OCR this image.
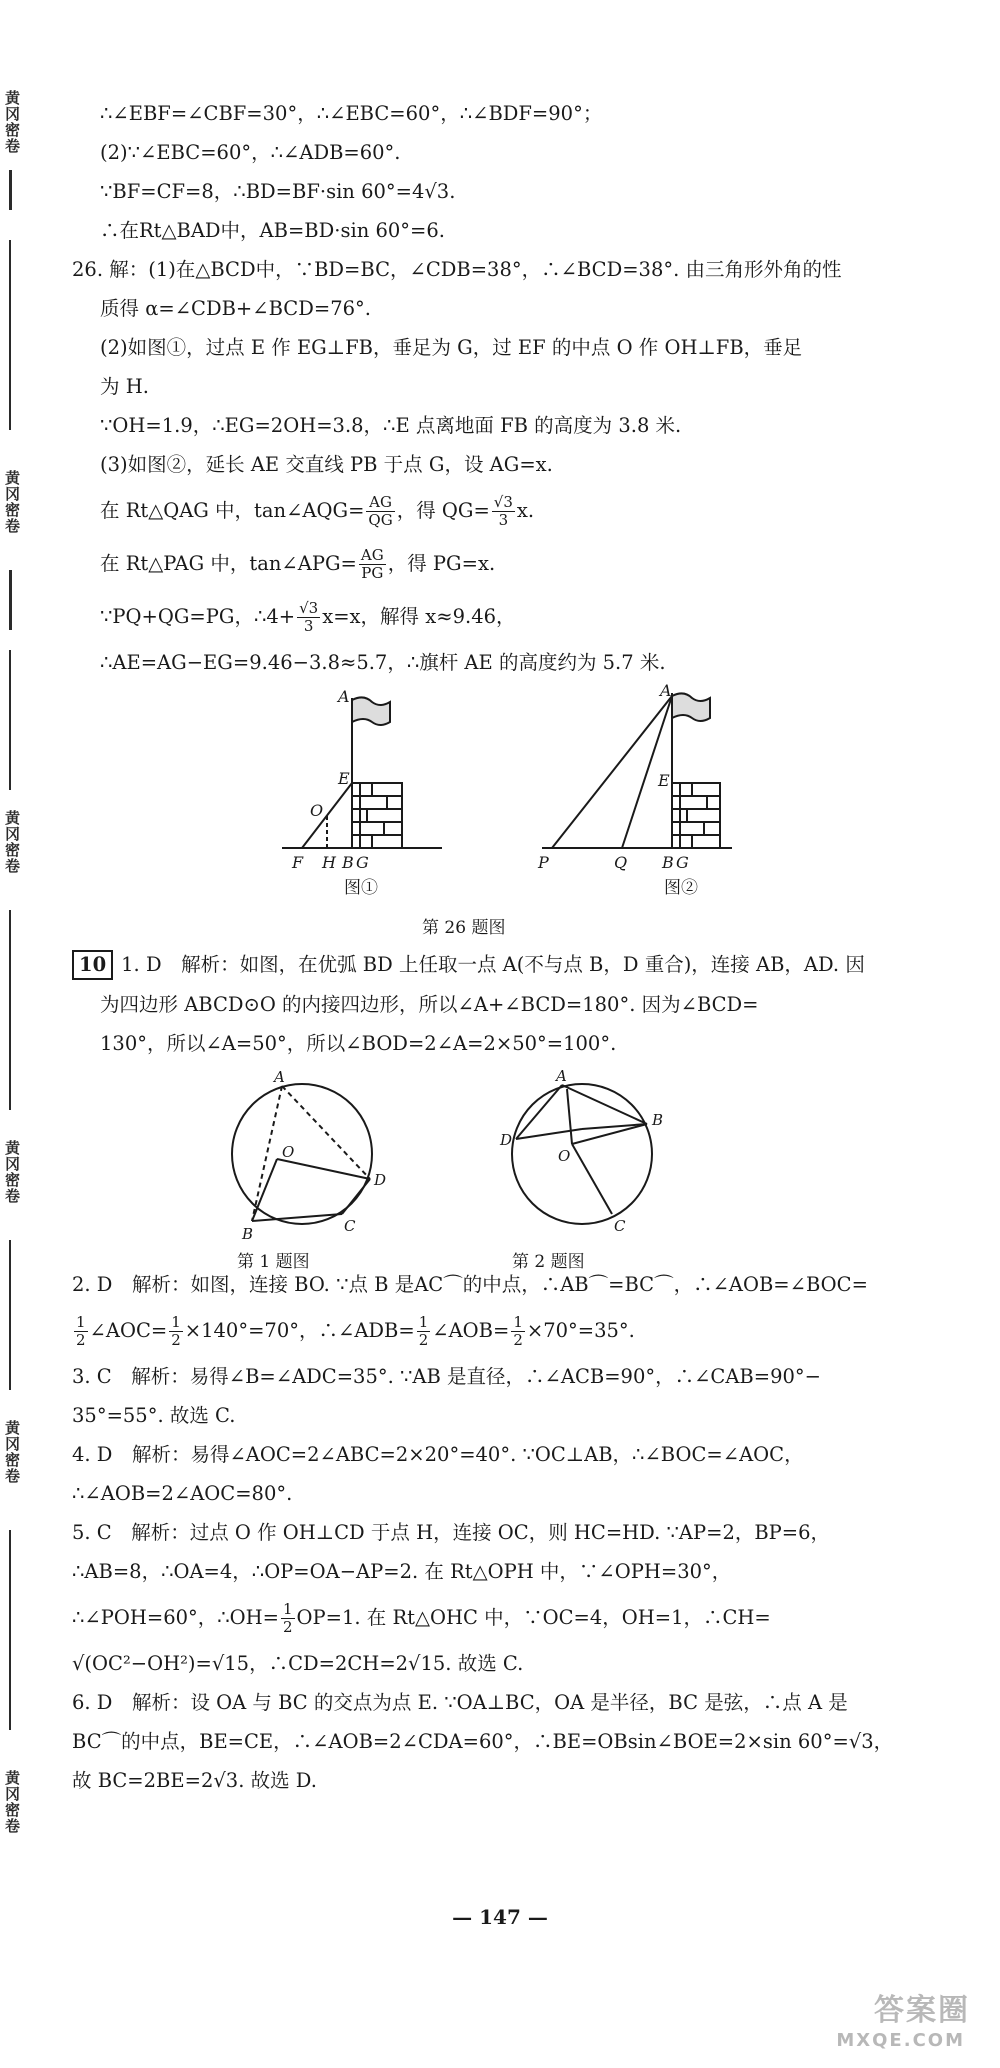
黄冈密卷
黄冈密卷
黄冈密卷
黄冈密卷
黄冈密卷
黄冈密卷
∴∠EBF=∠CBF=30°，∴∠EBC=60°，∴∠BDF=90°；
(2)∵∠EBC=60°，∴∠ADB=60°.
∵BF=CF=8，∴BD=BF·sin 60°=4√3.
∴在Rt△BAD中，AB=BD·sin 60°=6.
26. 解：(1)在△BCD中，∵BD=BC，∠CDB=38°，∴∠BCD=38°. 由三角形外角的性
质得 α=∠CDB+∠BCD=76°.
(2)如图①，过点 E 作 EG⊥FB，垂足为 G，过 EF 的中点 O 作 OH⊥FB，垂足
为 H.
∵OH=1.9，∴EG=2OH=3.8，∴E 点离地面 FB 的高度为 3.8 米.
(3)如图②，延长 AE 交直线 PB 于点 G，设 AG=x.
在 Rt△QAG 中，tan∠AQG= $\frac{AG}{QG}$ ，得 $QG= \frac{√3}{3} x$.
在 Rt△PAG 中，tan∠APG= $\frac{AG}{PG}$ ，得 PG=x.
∵PQ+QG=PG，∴4+ $\frac{√3}{3} x=x$，解得 x≈9.46，
∴AE=AG−EG=9.46−3.8≈5.7，∴旗杆 AE 的高度约为 5.7 米.
A
E
O
F H B G
图①
A
E
P	Q B G
图②
第 26 题图
10 1. D　解析：如图，在优弧 BD 上任取一点 A(不与点 B，D 重合)，连接 AB，AD. 因
为四边形 ABCD⊙O 的内接四边形，所以∠A+∠BCD=180°. 因为∠BCD=
130°，所以∠A=50°，所以∠BOD=2∠A=2×50°=100°.
A
O
D
B	C
第 1 题图
A
B
D
O
C
第 2 题图
2. D　解析：如图，连接 BO. ∵点 B 是AC⌒的中点，∴AB⌒=BC⌒，∴∠AOB=∠BOC=
$\frac{1}{2}$ ∠AOC= $\frac{1}{2} \times 140^\circ=70^\circ$，∴∠ADB= $\frac{1}{2}$ ∠AOB= $\frac{1}{2} \times 70^\circ=35^\circ$.
3. C　解析：易得∠B=∠ADC=35°. ∵AB 是直径，∴∠ACB=90°，∴∠CAB=90°−
35°=55°. 故选 C.
4. D　解析：易得∠AOC=2∠ABC=2×20°=40°. ∵OC⊥AB，∴∠BOC=∠AOC，
∴∠AOB=2∠AOC=80°.
5. C　解析：过点 O 作 OH⊥CD 于点 H，连接 OC，则 HC=HD. ∵AP=2，BP=6，
∴AB=8，∴OA=4，∴OP=OA−AP=2. 在 Rt△OPH 中，∵∠OPH=30°，
∴∠POH=60°，∴OH= $\frac{1}{2} OP=1$. 在 Rt△OHC 中，∵OC=4，OH=1，∴CH=
√(OC²−OH²)=√15，∴CD=2CH=2√15. 故选 C.
6. D　解析：设 OA 与 BC 的交点为点 E. ∵OA⊥BC，OA 是半径，BC 是弦，∴点 A 是
BC⌒的中点，BE=CE，∴∠AOB=2∠CDA=60°，∴BE=OBsin∠BOE=2×sin 60°=√3，
故 BC=2BE=2√3. 故选 D.
— 147 —
答案圈
MXQE.COM
